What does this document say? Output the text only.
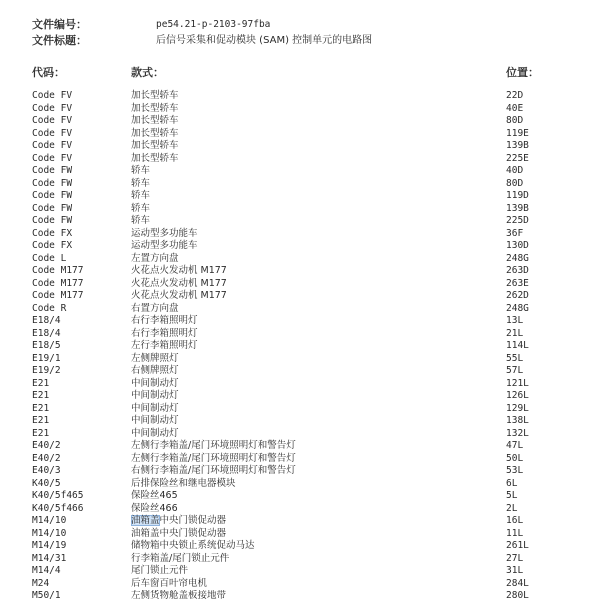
文件编号：	pe54.21-p-2103-97fba
文件标题：	后信号采集和促动模块 (SAM) 控制单元的电路图
代码：	款式：	位置：
Code FV	加长型轿车	22D
Code FV	加长型轿车	40E
Code FV	加长型轿车	80D
Code FV	加长型轿车	119E
Code FV	加长型轿车	139B
Code FV	加长型轿车	225E
Code FW	轿车	40D
Code FW	轿车	80D
Code FW	轿车	119D
Code FW	轿车	139B
Code FW	轿车	225D
Code FX	运动型多功能车	36F
Code FX	运动型多功能车	130D
Code L	左置方向盘	248G
Code M177	火花点火发动机 M177	263D
Code M177	火花点火发动机 M177	263E
Code M177	火花点火发动机 M177	262D
Code R	右置方向盘	248G
E18/4	右行李箱照明灯	13L
E18/4	右行李箱照明灯	21L
E18/5	左行李箱照明灯	114L
E19/1	左侧牌照灯	55L
E19/2	右侧牌照灯	57L
E21	中间制动灯	121L
E21	中间制动灯	126L
E21	中间制动灯	129L
E21	中间制动灯	138L
E21	中间制动灯	132L
E40/2	左侧行李箱盖/尾门环境照明灯和警告灯	47L
E40/2	左侧行李箱盖/尾门环境照明灯和警告灯	50L
E40/3	右侧行李箱盖/尾门环境照明灯和警告灯	53L
K40/5	后排保险丝和继电器模块	6L
K40/5f465	保险丝465	5L
K40/5f466	保险丝466	2L
M14/10	油箱盖中央门锁促动器	16L
M14/10	油箱盖中央门锁促动器	11L
M14/19	储物箱中央锁止系统促动马达	261L
M14/31	行李箱盖/尾门锁止元件	27L
M14/4	尾门锁止元件	31L
M24	后车窗百叶帘电机	284L
M50/1	左侧货物舱盖板接地带	280L
